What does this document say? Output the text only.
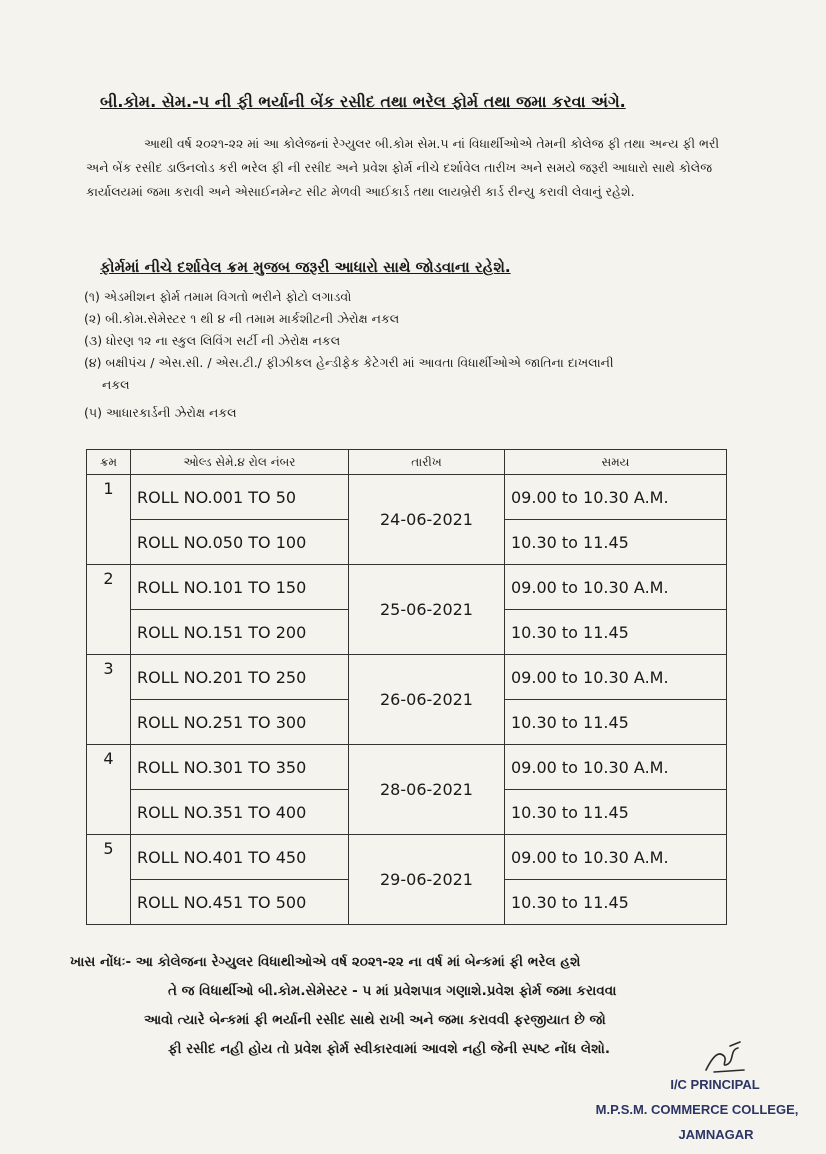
બી.કોમ. સેમ.-૫ ની ફી ભર્યાની બેંક રસીદ તથા ભરેલ ફોર્મ તથા જમા કરવા અંગે.
આથી વર્ષ ૨૦૨૧-૨૨ માં આ કોલેજનાં રેગ્યુલર બી.કોમ સેમ.૫ નાં વિધાર્થીઓએ તેમની કોલેજ ફી તથા અન્ય ફી ભરી અને બેંક રસીદ ડાઉનલોડ કરી ભરેલ ફી ની રસીદ અને પ્રવેશ ફોર્મ નીચે દર્શાવેલ તારીખ અને સમયે જરૂરી આધારો સાથે કોલેજ કાર્યાલયમાં જમા કરાવી અને એસાઈનમેન્ટ સીટ મેળવી આઈકાર્ડ તથા લાયબ્રેરી કાર્ડ રીન્યુ કરાવી લેવાનું રહેશે.
ફોર્મમાં નીચે દર્શાવેલ ક્રમ મુજબ જરૂરી આધારો સાથે જોડવાના રહેશે.
(૧) એડમીશન ફોર્મ તમામ વિગતો ભરીને ફોટો લગાડવો
(૨) બી.કોમ.સેમેસ્ટર ૧ થી ૪ ની તમામ માર્કશીટની ઝેરોક્ષ નકલ
(૩) ધોરણ ૧૨ ના સ્કુલ લિવિંગ સર્ટી ની ઝેરોક્ષ નકલ
(૪) બક્ષીપંચ / એસ.સી. / એસ.ટી./ ફીઝીકલ હેન્ડીફેક કેટેગરી માં આવતા વિધાર્થીઓએ જાતિના દાખલાની
નકલ
(૫) આધારકાર્ડની ઝેરોક્ષ નકલ
ક્રમ	ઓલ્ડ સેમે.૪ રોલ નંબર	તારીખ	સમય
1	ROLL NO.001 TO 50	24-06-2021	09.00 to 10.30 A.M.
	ROLL NO.050 TO 100		10.30 to 11.45
2	ROLL NO.101 TO 150	25-06-2021	09.00 to 10.30 A.M.
	ROLL NO.151 TO 200		10.30 to 11.45
3	ROLL NO.201 TO 250	26-06-2021	09.00 to 10.30 A.M.
	ROLL NO.251 TO 300		10.30 to 11.45
4	ROLL NO.301 TO 350	28-06-2021	09.00 to 10.30 A.M.
	ROLL NO.351 TO 400		10.30 to 11.45
5	ROLL NO.401 TO 450	29-06-2021	09.00 to 10.30 A.M.
	ROLL NO.451 TO 500		10.30 to 11.45
ખાસ નોંધઃ- આ કોલેજના રેગ્યુલર વિધાથીઓએ વર્ષ ૨૦૨૧-૨૨ ના વર્ષ માં બેન્કમાં ફી ભરેલ હશે
તે જ વિધાર્થીઓ બી.કોમ.સેમેસ્ટર - ૫ માં પ્રવેશપાત્ર ગણાશે.પ્રવેશ ફોર્મ જમા કરાવવા
આવો ત્યારે બેન્કમાં ફી ભર્યાની રસીદ સાથે રાખી અને જમા કરાવવી ફરજીયાત છે જો
ફી રસીદ નહી હોય તો પ્રવેશ ફોર્મ સ્વીકારવામાં આવશે નહી જેની સ્પષ્ટ નોંધ લેશો.
I/C PRINCIPAL
M.P.S.M. COMMERCE COLLEGE,
JAMNAGAR
